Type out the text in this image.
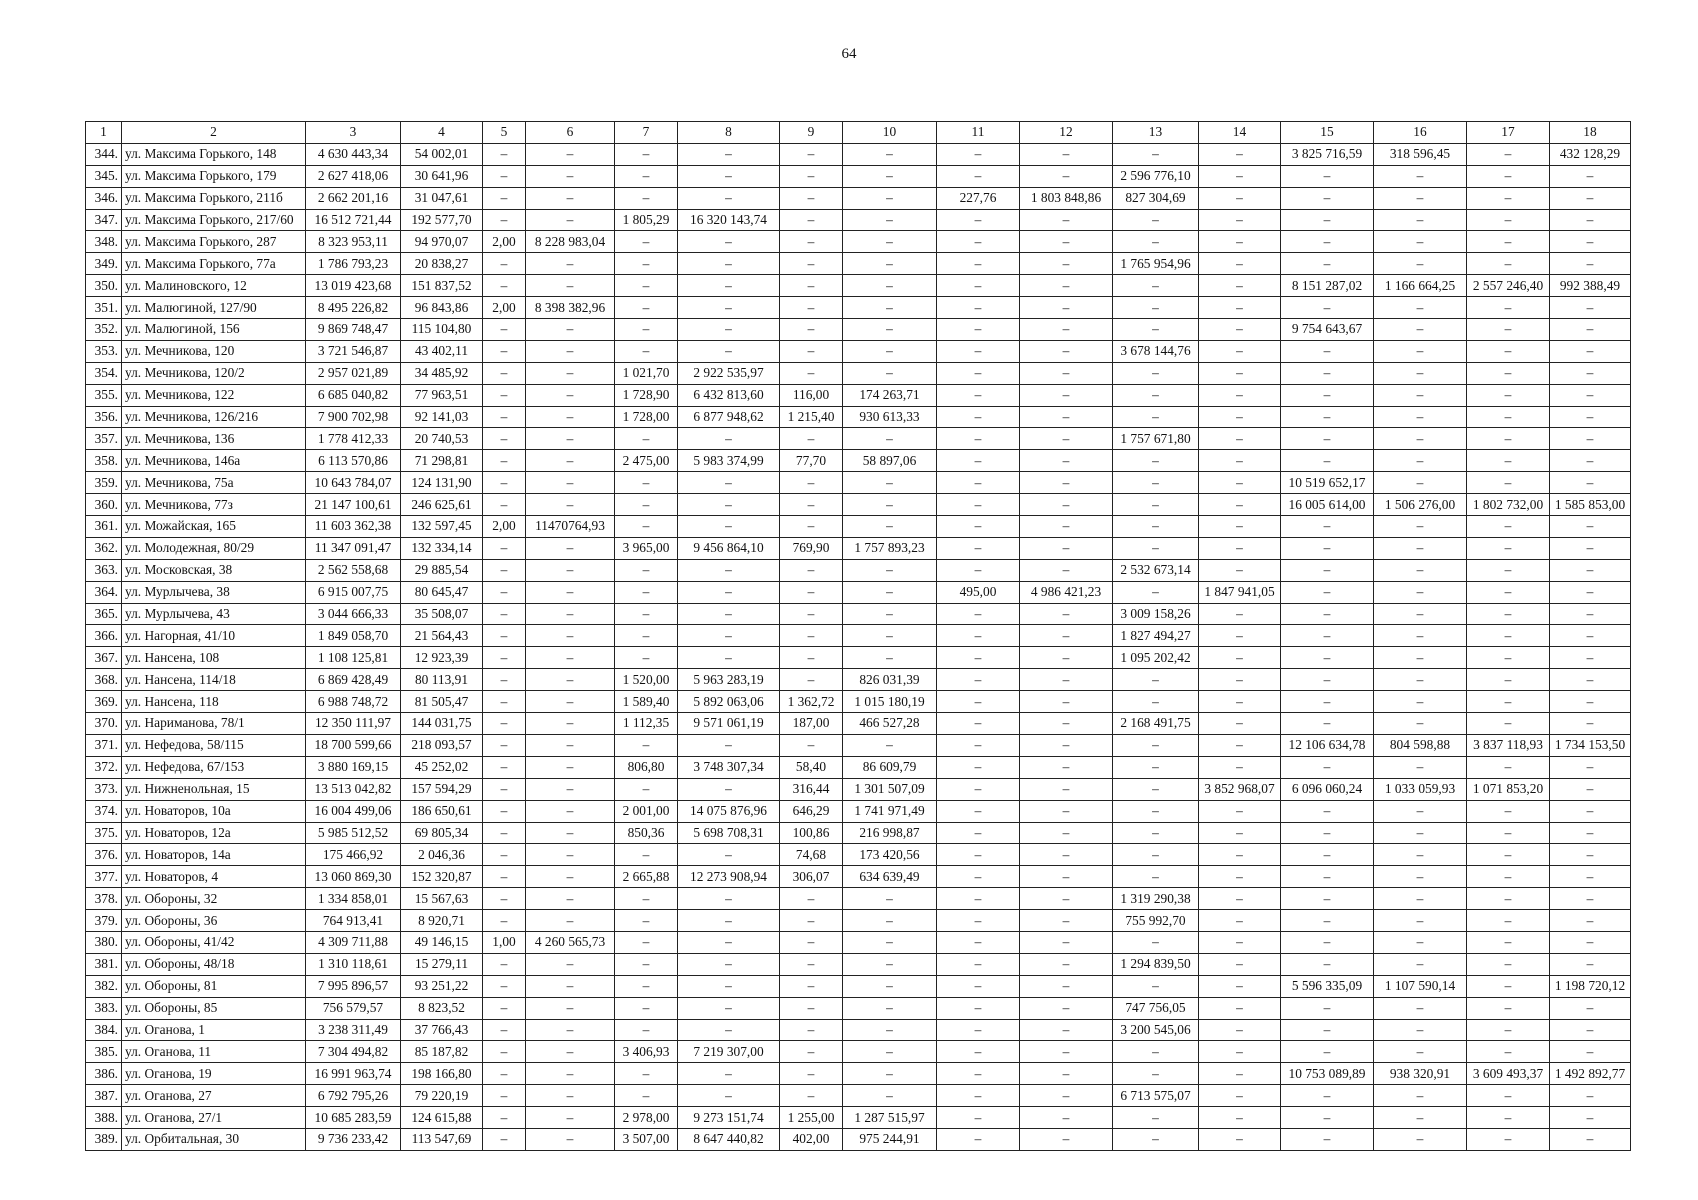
64
1	2	3	4	5	6	7	8	9	10	11	12	13	14	15	16	17	18
344.	ул. Максима Горького, 148	4 630 443,34	54 002,01	–	–	–	–	–	–	–	–	–	–	3 825 716,59	318 596,45	–	432 128,29
345.	ул. Максима Горького, 179	2 627 418,06	30 641,96	–	–	–	–	–	–	–	–	2 596 776,10	–	–	–	–	–
346.	ул. Максима Горького, 211б	2 662 201,16	31 047,61	–	–	–	–	–	–	227,76	1 803 848,86	827 304,69	–	–	–	–	–
347.	ул. Максима Горького, 217/60	16 512 721,44	192 577,70	–	–	1 805,29	16 320 143,74	–	–	–	–	–	–	–	–	–	–
348.	ул. Максима Горького, 287	8 323 953,11	94 970,07	2,00	8 228 983,04	–	–	–	–	–	–	–	–	–	–	–	–
349.	ул. Максима Горького, 77а	1 786 793,23	20 838,27	–	–	–	–	–	–	–	–	1 765 954,96	–	–	–	–	–
350.	ул. Малиновского, 12	13 019 423,68	151 837,52	–	–	–	–	–	–	–	–	–	–	8 151 287,02	1 166 664,25	2 557 246,40	992 388,49
351.	ул. Малюгиной, 127/90	8 495 226,82	96 843,86	2,00	8 398 382,96	–	–	–	–	–	–	–	–	–	–	–	–
352.	ул. Малюгиной, 156	9 869 748,47	115 104,80	–	–	–	–	–	–	–	–	–	–	9 754 643,67	–	–	–
353.	ул. Мечникова, 120	3 721 546,87	43 402,11	–	–	–	–	–	–	–	–	3 678 144,76	–	–	–	–	–
354.	ул. Мечникова, 120/2	2 957 021,89	34 485,92	–	–	1 021,70	2 922 535,97	–	–	–	–	–	–	–	–	–	–
355.	ул. Мечникова, 122	6 685 040,82	77 963,51	–	–	1 728,90	6 432 813,60	116,00	174 263,71	–	–	–	–	–	–	–	–
356.	ул. Мечникова, 126/216	7 900 702,98	92 141,03	–	–	1 728,00	6 877 948,62	1 215,40	930 613,33	–	–	–	–	–	–	–	–
357.	ул. Мечникова, 136	1 778 412,33	20 740,53	–	–	–	–	–	–	–	–	1 757 671,80	–	–	–	–	–
358.	ул. Мечникова, 146а	6 113 570,86	71 298,81	–	–	2 475,00	5 983 374,99	77,70	58 897,06	–	–	–	–	–	–	–	–
359.	ул. Мечникова, 75а	10 643 784,07	124 131,90	–	–	–	–	–	–	–	–	–	–	10 519 652,17	–	–	–
360.	ул. Мечникова, 77з	21 147 100,61	246 625,61	–	–	–	–	–	–	–	–	–	–	16 005 614,00	1 506 276,00	1 802 732,00	1 585 853,00
361.	ул. Можайская, 165	11 603 362,38	132 597,45	2,00	11470764,93	–	–	–	–	–	–	–	–	–	–	–	–
362.	ул. Молодежная, 80/29	11 347 091,47	132 334,14	–	–	3 965,00	9 456 864,10	769,90	1 757 893,23	–	–	–	–	–	–	–	–
363.	ул. Московская, 38	2 562 558,68	29 885,54	–	–	–	–	–	–	–	–	2 532 673,14	–	–	–	–	–
364.	ул. Мурлычева, 38	6 915 007,75	80 645,47	–	–	–	–	–	–	495,00	4 986 421,23	–	1 847 941,05	–	–	–	–
365.	ул. Мурлычева, 43	3 044 666,33	35 508,07	–	–	–	–	–	–	–	–	3 009 158,26	–	–	–	–	–
366.	ул. Нагорная, 41/10	1 849 058,70	21 564,43	–	–	–	–	–	–	–	–	1 827 494,27	–	–	–	–	–
367.	ул. Нансена, 108	1 108 125,81	12 923,39	–	–	–	–	–	–	–	–	1 095 202,42	–	–	–	–	–
368.	ул. Нансена, 114/18	6 869 428,49	80 113,91	–	–	1 520,00	5 963 283,19	–	826 031,39	–	–	–	–	–	–	–	–
369.	ул. Нансена, 118	6 988 748,72	81 505,47	–	–	1 589,40	5 892 063,06	1 362,72	1 015 180,19	–	–	–	–	–	–	–	–
370.	ул. Нариманова, 78/1	12 350 111,97	144 031,75	–	–	1 112,35	9 571 061,19	187,00	466 527,28	–	–	2 168 491,75	–	–	–	–	–
371.	ул. Нефедова, 58/115	18 700 599,66	218 093,57	–	–	–	–	–	–	–	–	–	–	12 106 634,78	804 598,88	3 837 118,93	1 734 153,50
372.	ул. Нефедова, 67/153	3 880 169,15	45 252,02	–	–	806,80	3 748 307,34	58,40	86 609,79	–	–	–	–	–	–	–	–
373.	ул. Нижненольная, 15	13 513 042,82	157 594,29	–	–	–	–	316,44	1 301 507,09	–	–	–	3 852 968,07	6 096 060,24	1 033 059,93	1 071 853,20	–
374.	ул. Новаторов, 10а	16 004 499,06	186 650,61	–	–	2 001,00	14 075 876,96	646,29	1 741 971,49	–	–	–	–	–	–	–	–
375.	ул. Новаторов, 12а	5 985 512,52	69 805,34	–	–	850,36	5 698 708,31	100,86	216 998,87	–	–	–	–	–	–	–	–
376.	ул. Новаторов, 14а	175 466,92	2 046,36	–	–	–	–	74,68	173 420,56	–	–	–	–	–	–	–	–
377.	ул. Новаторов, 4	13 060 869,30	152 320,87	–	–	2 665,88	12 273 908,94	306,07	634 639,49	–	–	–	–	–	–	–	–
378.	ул. Обороны, 32	1 334 858,01	15 567,63	–	–	–	–	–	–	–	–	1 319 290,38	–	–	–	–	–
379.	ул. Обороны, 36	764 913,41	8 920,71	–	–	–	–	–	–	–	–	755 992,70	–	–	–	–	–
380.	ул. Обороны, 41/42	4 309 711,88	49 146,15	1,00	4 260 565,73	–	–	–	–	–	–	–	–	–	–	–	–
381.	ул. Обороны, 48/18	1 310 118,61	15 279,11	–	–	–	–	–	–	–	–	1 294 839,50	–	–	–	–	–
382.	ул. Обороны, 81	7 995 896,57	93 251,22	–	–	–	–	–	–	–	–	–	–	5 596 335,09	1 107 590,14	–	1 198 720,12
383.	ул. Обороны, 85	756 579,57	8 823,52	–	–	–	–	–	–	–	–	747 756,05	–	–	–	–	–
384.	ул. Оганова, 1	3 238 311,49	37 766,43	–	–	–	–	–	–	–	–	3 200 545,06	–	–	–	–	–
385.	ул. Оганова, 11	7 304 494,82	85 187,82	–	–	3 406,93	7 219 307,00	–	–	–	–	–	–	–	–	–	–
386.	ул. Оганова, 19	16 991 963,74	198 166,80	–	–	–	–	–	–	–	–	–	–	10 753 089,89	938 320,91	3 609 493,37	1 492 892,77
387.	ул. Оганова, 27	6 792 795,26	79 220,19	–	–	–	–	–	–	–	–	6 713 575,07	–	–	–	–	–
388.	ул. Оганова, 27/1	10 685 283,59	124 615,88	–	–	2 978,00	9 273 151,74	1 255,00	1 287 515,97	–	–	–	–	–	–	–	–
389.	ул. Орбитальная, 30	9 736 233,42	113 547,69	–	–	3 507,00	8 647 440,82	402,00	975 244,91	–	–	–	–	–	–	–	–
